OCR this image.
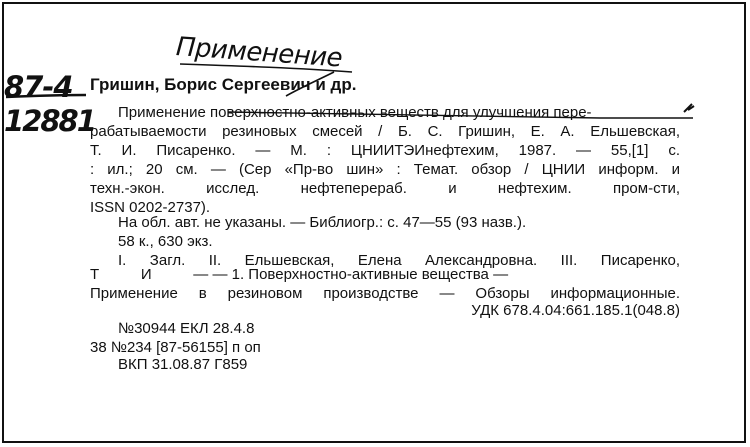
Применение
87-4
12881
Гришин, Борис Сергеевич и др.
Применение поверхностно-активных веществ для улучшения пере-
рабатываемости резиновых смесей / Б. С. Гришин, Е. А. Ельшевская,
Т. И. Писаренко. — М. : ЦНИИТЭИнефтехим, 1987. — 55,[1] с.
: ил.; 20 см. — (Сер «Пр-во шин» : Темат. обзор / ЦНИИ информ. и
техн.-экон. исслед. нефтеперераб. и нефтехим. пром-сти,
ISSN 0202-2737).
На обл. авт. не указаны. — Библиогр.: с. 47—55 (93 назв.).
58 к., 630 экз.
I. Загл. II. Ельшевская, Елена Александровна. III. Писаренко,
Т          И          — — 1. Поверхностно-активные вещества —
Применение в резиновом производстве — Обзоры информационные.
УДК 678.4.04:661.185.1(048.8)
№30944 ЕКЛ 28.4.8
38 №234 [87-56155] п оп
ВКП 31.08.87 Г859
